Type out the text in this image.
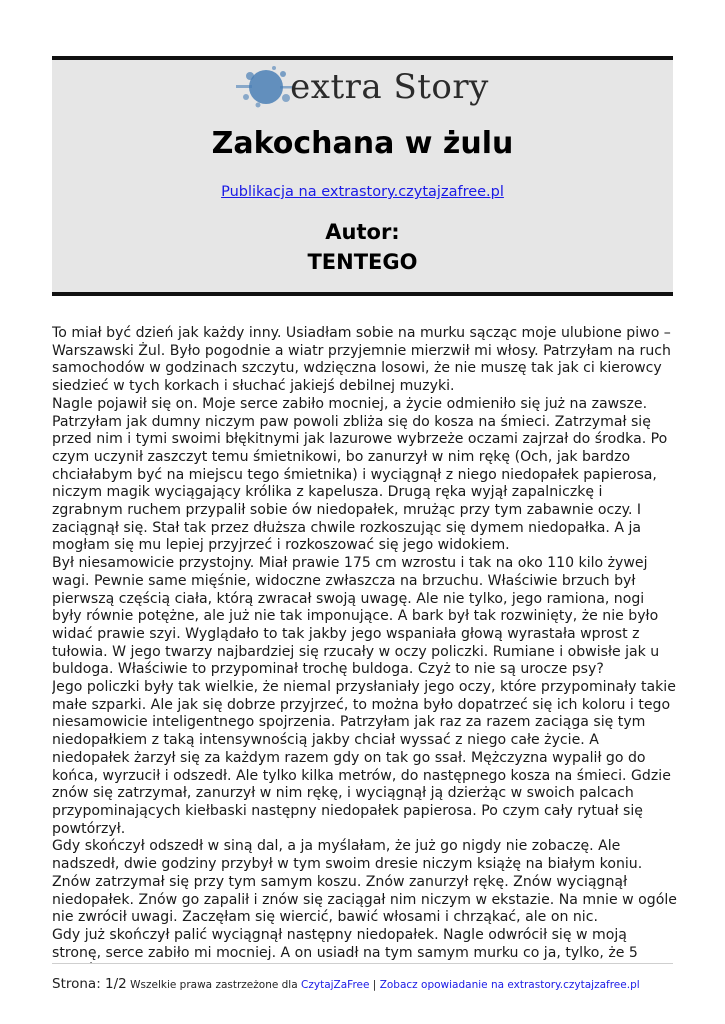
extra Story
Zakochana w żulu
Publikacja na extrastory.czytajzafree.pl
Autor:
TENTEGO

To miał być dzień jak każdy inny. Usiadłam sobie na murku sącząc moje ulubione piwo – Warszawski Żul. Było pogodnie a wiatr przyjemnie mierzwił mi włosy. Patrzyłam na ruch samochodów w godzinach szczytu, wdzięczna losowi, że nie muszę tak jak ci kierowcy siedzieć w tych korkach i słuchać jakiejś debilnej muzyki.

Nagle pojawił się on. Moje serce zabiło mocniej, a życie odmieniło się już na zawsze. Patrzyłam jak dumny niczym paw powoli zbliża się do kosza na śmieci. Zatrzymał się przed nim i tymi swoimi błękitnymi jak lazurowe wybrzeże oczami zajrzał do środka. Po czym uczynił zaszczyt temu śmietnikowi, bo zanurzył w nim rękę (Och, jak bardzo chciałabym być na miejscu tego śmietnika) i wyciągnął z niego niedopałek papierosa, niczym magik wyciągający królika z kapelusza. Drugą ręka wyjął zapalniczkę i zgrabnym ruchem przypalił sobie ów niedopałek, mrużąc przy tym zabawnie oczy. I zaciągnął się. Stał tak przez dłuższa chwile rozkoszując się dymem niedopałka. A ja mogłam się mu lepiej przyjrzeć i rozkoszować się jego widokiem.

Był niesamowicie przystojny. Miał prawie 175 cm wzrostu i tak na oko 110 kilo żywej wagi. Pewnie same mięśnie, widoczne zwłaszcza na brzuchu. Właściwie brzuch był pierwszą częścią ciała, którą zwracał swoją uwagę. Ale nie tylko, jego ramiona, nogi były równie potężne, ale już nie tak imponujące. A bark był tak rozwinięty, że nie było widać prawie szyi. Wyglądało to tak jakby jego wspaniała głową wyrastała wprost z tułowia. W jego twarzy najbardziej się rzucały w oczy policzki. Rumiane i obwisłe jak u buldoga. Właściwie to przypominał trochę buldoga. Czyż to nie są urocze psy?

Jego policzki były tak wielkie, że niemal przysłaniały jego oczy, które przypominały takie małe szparki. Ale jak się dobrze przyjrzeć, to można było dopatrzeć się ich koloru i tego niesamowicie inteligentnego spojrzenia. Patrzyłam jak raz za razem zaciąga się tym niedopałkiem z taką intensywnością jakby chciał wyssać z niego całe życie. A niedopałek żarzył się za każdym razem gdy on tak go ssał. Mężczyzna wypalił go do końca, wyrzucił i odszedł. Ale tylko kilka metrów, do następnego kosza na śmieci. Gdzie znów się zatrzymał, zanurzył w nim rękę, i wyciągnął ją dzierżąc w swoich palcach przypominających kiełbaski następny niedopałek papierosa. Po czym cały rytuał się powtórzył.

Gdy skończył odszedł w siną dal, a ja myślałam, że już go nigdy nie zobaczę. Ale nadszedł, dwie godziny przybył w tym swoim dresie niczym książę na białym koniu. Znów zatrzymał się przy tym samym koszu. Znów zanurzył rękę. Znów wyciągnął niedopałek. Znów go zapalił i znów się zaciągał nim niczym w ekstazie. Na mnie w ogóle nie zwrócił uwagi. Zaczęłam się wiercić, bawić włosami i chrząkać, ale on nic.

Gdy już skończył palić wyciągnął następny niedopałek. Nagle odwrócił się w moją stronę, serce zabiło mi mocniej. A on usiadł na tym samym murku co ja, tylko, że 5

Strona: 1/2 Wszelkie prawa zastrzeżone dla CzytajZaFree | Zobacz opowiadanie na extrastory.czytajzafree.pl
